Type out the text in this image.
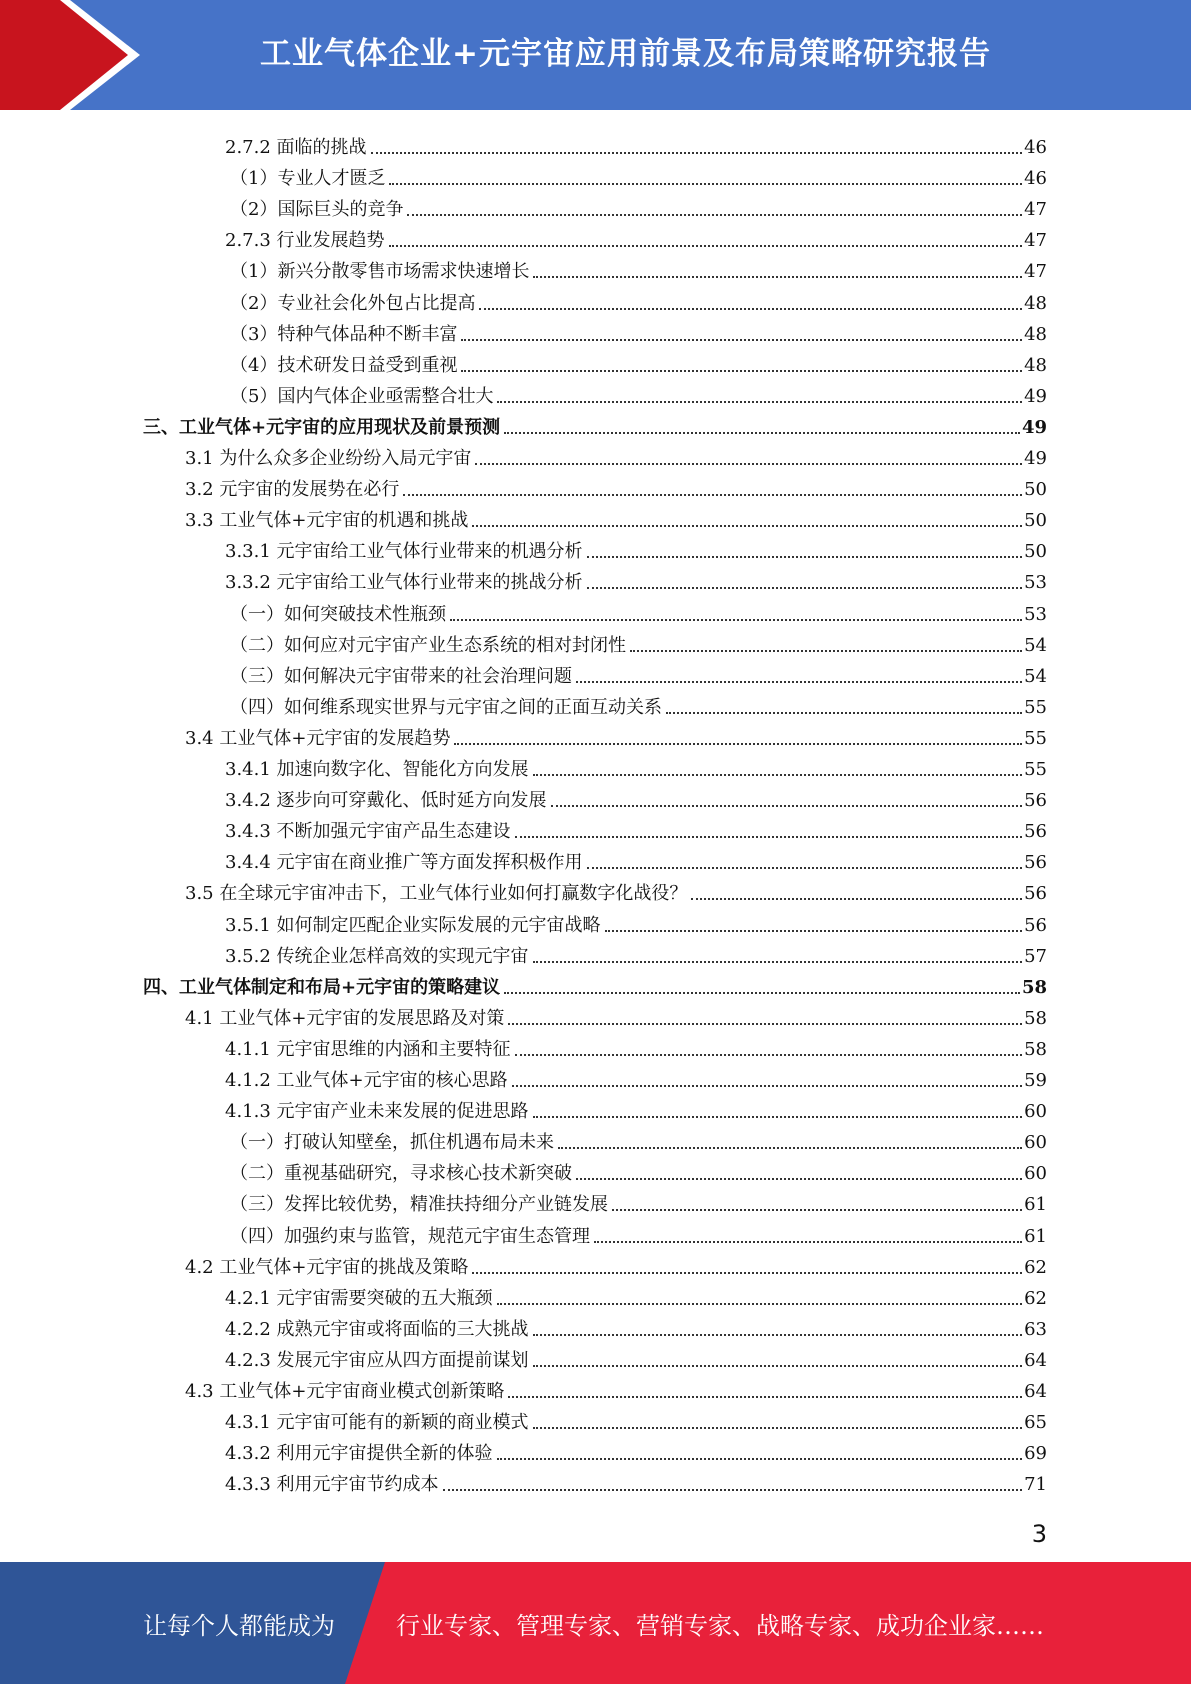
工业气体企业+元宇宙应用前景及布局策略研究报告
2.7.2 面临的挑战	46
（1）专业人才匮乏	46
（2）国际巨头的竞争	47
2.7.3 行业发展趋势	47
（1）新兴分散零售市场需求快速增长	47
（2）专业社会化外包占比提高	48
（3）特种气体品种不断丰富	48
（4）技术研发日益受到重视	48
（5）国内气体企业亟需整合壮大	49
三、工业气体+元宇宙的应用现状及前景预测	49
3.1 为什么众多企业纷纷入局元宇宙	49
3.2 元宇宙的发展势在必行	50
3.3 工业气体+元宇宙的机遇和挑战	50
3.3.1 元宇宙给工业气体行业带来的机遇分析	50
3.3.2 元宇宙给工业气体行业带来的挑战分析	53
（一）如何突破技术性瓶颈	53
（二）如何应对元宇宙产业生态系统的相对封闭性	54
（三）如何解决元宇宙带来的社会治理问题	54
（四）如何维系现实世界与元宇宙之间的正面互动关系	55
3.4 工业气体+元宇宙的发展趋势	55
3.4.1 加速向数字化、智能化方向发展	55
3.4.2 逐步向可穿戴化、低时延方向发展	56
3.4.3 不断加强元宇宙产品生态建设	56
3.4.4 元宇宙在商业推广等方面发挥积极作用	56
3.5 在全球元宇宙冲击下，工业气体行业如何打赢数字化战役？	56
3.5.1 如何制定匹配企业实际发展的元宇宙战略	56
3.5.2 传统企业怎样高效的实现元宇宙	57
四、工业气体制定和布局+元宇宙的策略建议	58
4.1 工业气体+元宇宙的发展思路及对策	58
4.1.1 元宇宙思维的内涵和主要特征	58
4.1.2 工业气体+元宇宙的核心思路	59
4.1.3 元宇宙产业未来发展的促进思路	60
（一）打破认知壁垒，抓住机遇布局未来	60
（二）重视基础研究，寻求核心技术新突破	60
（三）发挥比较优势，精准扶持细分产业链发展	61
（四）加强约束与监管，规范元宇宙生态管理	61
4.2 工业气体+元宇宙的挑战及策略	62
4.2.1 元宇宙需要突破的五大瓶颈	62
4.2.2 成熟元宇宙或将面临的三大挑战	63
4.2.3 发展元宇宙应从四方面提前谋划	64
4.3 工业气体+元宇宙商业模式创新策略	64
4.3.1 元宇宙可能有的新颖的商业模式	65
4.3.2 利用元宇宙提供全新的体验	69
4.3.3 利用元宇宙节约成本	71
3
让每个人都能成为	行业专家、管理专家、营销专家、战略专家、成功企业家……
